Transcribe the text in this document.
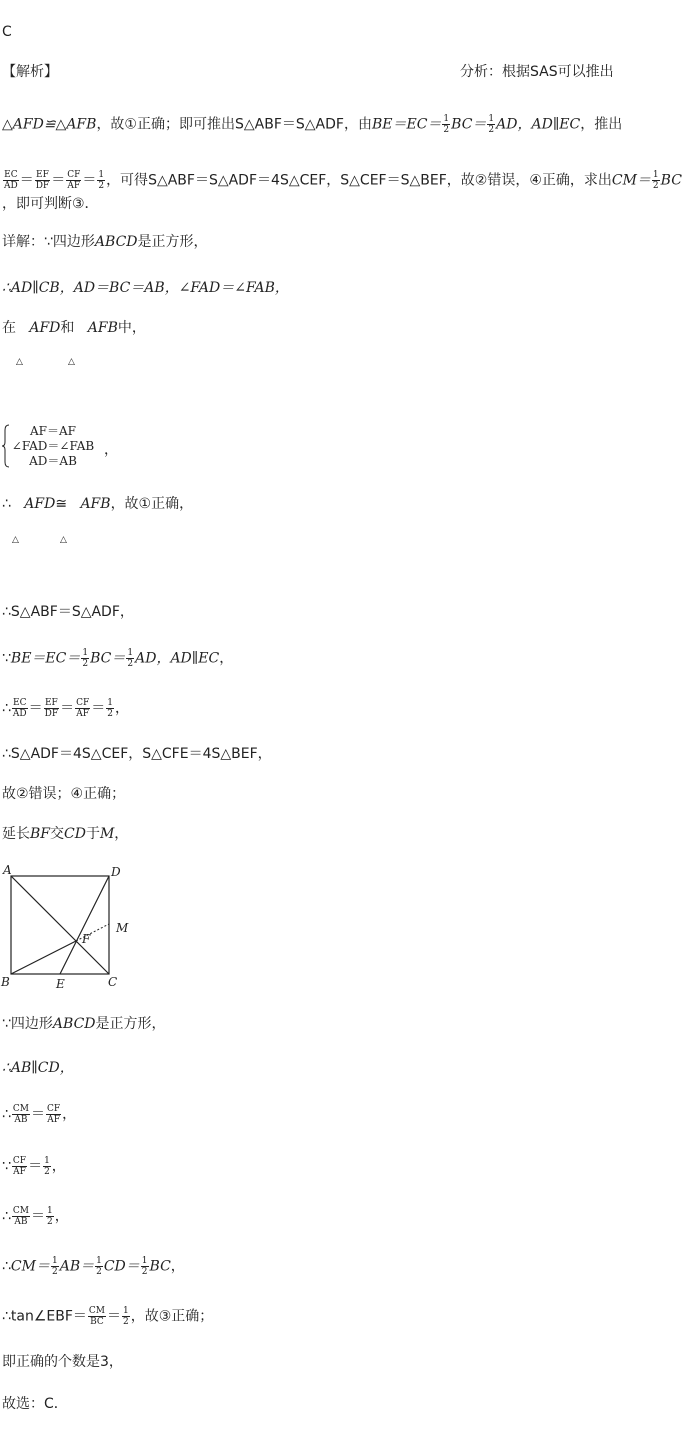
C
【解析】	分析：根据SAS可以推出
△AFD≌△AFB，故①正确；即可推出S△ABF＝S△ADF，由$BE=EC= \frac{1}{2} BC= \frac{1}{2}$ AD，AD∥EC，推出
$\frac{EC}{AD} = \frac{EF}{DF} = \frac{CF}{AF} = \frac{1}{2}$ ，可得S△ABF＝S△ADF＝4S△CEF，S△CEF＝S△BEF，故②错误，④正确，求出$CM= \frac{1}{2}$ BC
，即可判断③．
详解：∵四边形ABCD是正方形，
∴AD∥CB，AD＝BC＝AB，∠FAD＝∠FAB，
在 AFD和 AFB中，
△	△
AF＝AF
∠FAD＝∠FAB
AD＝AB
，
∴ AFD≅ AFB，故①正确，
△	△
∴S△ABF＝S△ADF，
∵BE＝EC＝ $\frac{1}{2} BC= \frac{1}{2}$ AD，AD∥EC，
∴ $\frac{EC}{AD} = \frac{EF}{DF} = \frac{CF}{AF} = \frac{1}{2}$ ，
∴S△ADF＝4S△CEF，S△CFE＝4S△BEF，
故②错误；④正确；
延长BF交CD于M，
A	D
B	E	C
F
M
∵四边形ABCD是正方形，
∴AB∥CD，
∴ $\frac{CM}{AB} = \frac{CF}{AF}$ ，
∵ $\frac{CF}{AF} = \frac{1}{2}$ ，
∴ $\frac{CM}{AB} = \frac{1}{2}$ ，
∴CM＝ $\frac{1}{2} AB= \frac{1}{2} CD= \frac{1}{2}$ BC，
∴tan∠EBF＝ $\frac{CM}{BC} = \frac{1}{2}$ ，故③正确；
即正确的个数是3，
故选：C．
